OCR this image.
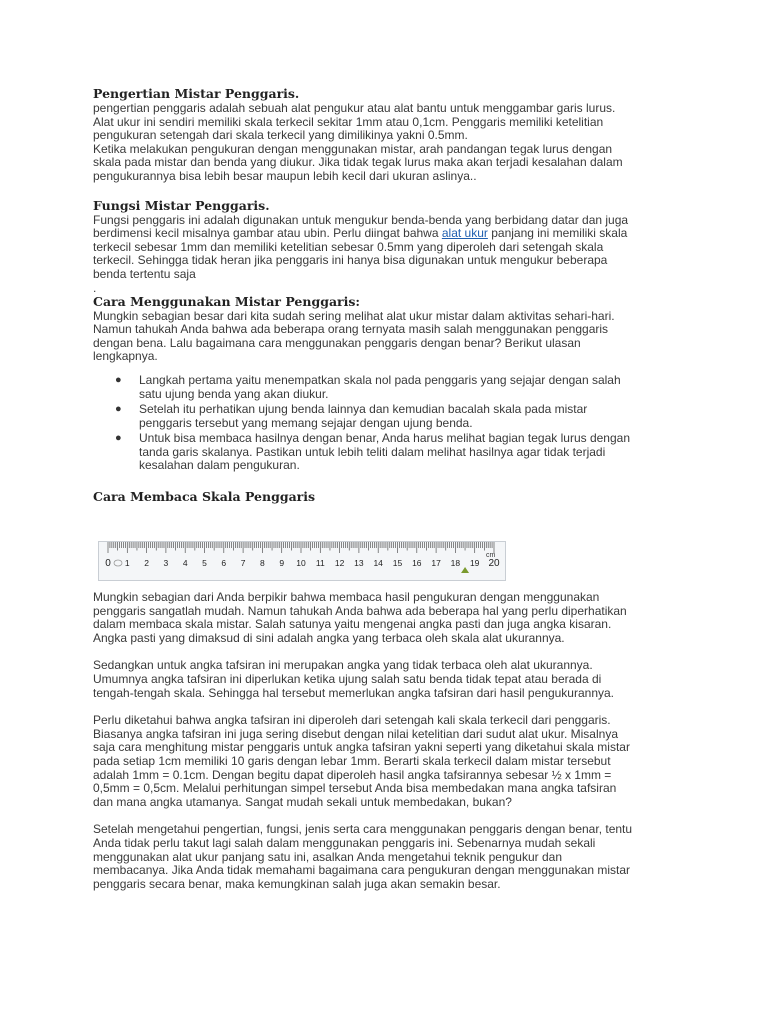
Pengertian Mistar Penggaris.

pengertian penggaris adalah sebuah alat pengukur atau alat bantu untuk menggambar garis lurus.
Alat ukur ini sendiri memiliki skala terkecil sekitar 1mm atau 0,1cm. Penggaris memiliki ketelitian
pengukuran setengah dari skala terkecil yang dimilikinya yakni 0.5mm.

Ketika melakukan pengukuran dengan menggunakan mistar, arah pandangan tegak lurus dengan
skala pada mistar dan benda yang diukur. Jika tidak tegak lurus maka akan terjadi kesalahan dalam
pengukurannya bisa lebih besar maupun lebih kecil dari ukuran aslinya..

Fungsi Mistar Penggaris.

Fungsi penggaris ini adalah digunakan untuk mengukur benda-benda yang berbidang datar dan juga
berdimensi kecil misalnya gambar atau ubin. Perlu diingat bahwa alat ukur panjang ini memiliki skala
terkecil sebesar 1mm dan memiliki ketelitian sebesar 0.5mm yang diperoleh dari setengah skala
terkecil. Sehingga tidak heran jika penggaris ini hanya bisa digunakan untuk mengukur beberapa
benda tertentu saja

.

Cara Menggunakan Mistar Penggaris:

Mungkin sebagian besar dari kita sudah sering melihat alat ukur mistar dalam aktivitas sehari-hari.
Namun tahukah Anda bahwa ada beberapa orang ternyata masih salah menggunakan penggaris
dengan bena. Lalu bagaimana cara menggunakan penggaris dengan benar? Berikut ulasan
lengkapnya.

● Langkah pertama yaitu menempatkan skala nol pada penggaris yang sejajar dengan salah
satu ujung benda yang akan diukur.
● Setelah itu perhatikan ujung benda lainnya dan kemudian bacalah skala pada mistar
penggaris tersebut yang memang sejajar dengan ujung benda.
● Untuk bisa membaca hasilnya dengan benar, Anda harus melihat bagian tegak lurus dengan
tanda garis skalanya. Pastikan untuk lebih teliti dalam melihat hasilnya agar tidak terjadi
kesalahan dalam pengukuran.
Cara Membaca Skala Penggaris
0 1 2 3 4 5 6 7 8 9 10 11 12 13 14 15 16 17 18 19 20
cm

Mungkin sebagian dari Anda berpikir bahwa membaca hasil pengukuran dengan menggunakan
penggaris sangatlah mudah. Namun tahukah Anda bahwa ada beberapa hal yang perlu diperhatikan
dalam membaca skala mistar. Salah satunya yaitu mengenai angka pasti dan juga angka kisaran.
Angka pasti yang dimaksud di sini adalah angka yang terbaca oleh skala alat ukurannya.

Sedangkan untuk angka tafsiran ini merupakan angka yang tidak terbaca oleh alat ukurannya.
Umumnya angka tafsiran ini diperlukan ketika ujung salah satu benda tidak tepat atau berada di
tengah-tengah skala. Sehingga hal tersebut memerlukan angka tafsiran dari hasil pengukurannya.

Perlu diketahui bahwa angka tafsiran ini diperoleh dari setengah kali skala terkecil dari penggaris.
Biasanya angka tafsiran ini juga sering disebut dengan nilai ketelitian dari sudut alat ukur. Misalnya
saja cara menghitung mistar penggaris untuk angka tafsiran yakni seperti yang diketahui skala mistar
pada setiap 1cm memiliki 10 garis dengan lebar 1mm. Berarti skala terkecil dalam mistar tersebut
adalah 1mm = 0.1cm. Dengan begitu dapat diperoleh hasil angka tafsirannya sebesar ½ x 1mm =
0,5mm = 0,5cm. Melalui perhitungan simpel tersebut Anda bisa membedakan mana angka tafsiran
dan mana angka utamanya. Sangat mudah sekali untuk membedakan, bukan?

Setelah mengetahui pengertian, fungsi, jenis serta cara menggunakan penggaris dengan benar, tentu
Anda tidak perlu takut lagi salah dalam menggunakan penggaris ini. Sebenarnya mudah sekali
menggunakan alat ukur panjang satu ini, asalkan Anda mengetahui teknik pengukur dan
membacanya. Jika Anda tidak memahami bagaimana cara pengukuran dengan menggunakan mistar
penggaris secara benar, maka kemungkinan salah juga akan semakin besar.
